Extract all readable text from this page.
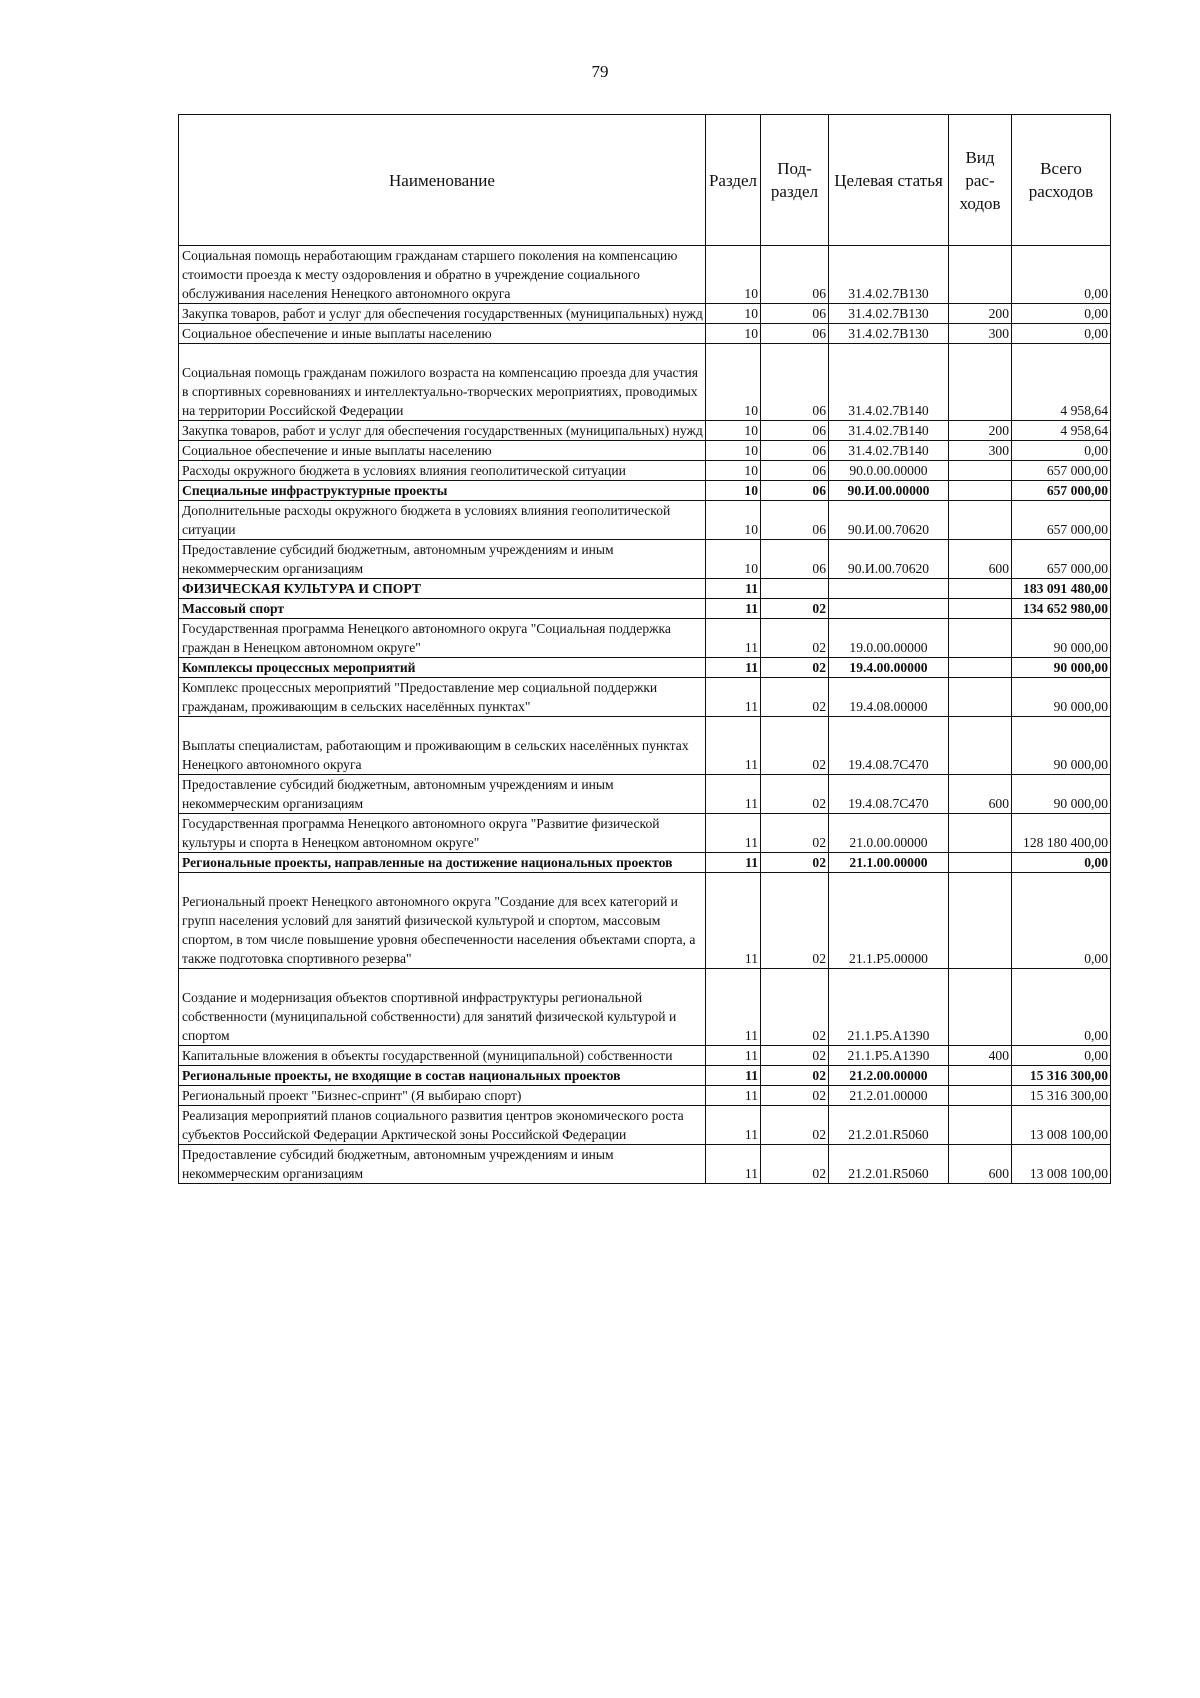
79
Наименование	Раздел	Под-раздел	Целевая статья	Вид рас-ходов	Всего расходов
Социальная помощь неработающим гражданам старшего поколения на компенсацию стоимости проезда к месту оздоровления и обратно в учреждение социального обслуживания населения Ненецкого автономного округа	10	06	31.4.02.7В130		0,00
Закупка товаров, работ и услуг для обеспечения государственных (муниципальных) нужд	10	06	31.4.02.7В130	200	0,00
Социальное обеспечение и иные выплаты населению	10	06	31.4.02.7В130	300	0,00
Социальная помощь гражданам пожилого возраста на компенсацию проезда для участия в спортивных соревнованиях и интеллектуально-творческих мероприятиях, проводимых на территории Российской Федерации	10	06	31.4.02.7В140		4 958,64
Закупка товаров, работ и услуг для обеспечения государственных (муниципальных) нужд	10	06	31.4.02.7В140	200	4 958,64
Социальное обеспечение и иные выплаты населению	10	06	31.4.02.7В140	300	0,00
Расходы окружного бюджета в условиях влияния геополитической ситуации	10	06	90.0.00.00000		657 000,00
Специальные инфраструктурные проекты	10	06	90.И.00.00000		657 000,00
Дополнительные расходы окружного бюджета в условиях влияния геополитической ситуации	10	06	90.И.00.70620		657 000,00
Предоставление субсидий бюджетным, автономным учреждениям и иным некоммерческим организациям	10	06	90.И.00.70620	600	657 000,00
ФИЗИЧЕСКАЯ КУЛЬТУРА И СПОРТ	11				183 091 480,00
Массовый спорт	11	02			134 652 980,00
Государственная программа Ненецкого автономного округа "Социальная поддержка граждан в Ненецком автономном округе"	11	02	19.0.00.00000		90 000,00
Комплексы процессных мероприятий	11	02	19.4.00.00000		90 000,00
Комплекс процессных мероприятий "Предоставление мер социальной поддержки гражданам, проживающим в сельских населённых пунктах"	11	02	19.4.08.00000		90 000,00
Выплаты специалистам, работающим и проживающим в сельских населённых пунктах Ненецкого автономного округа	11	02	19.4.08.7С470		90 000,00
Предоставление субсидий бюджетным, автономным учреждениям и иным некоммерческим организациям	11	02	19.4.08.7С470	600	90 000,00
Государственная программа Ненецкого автономного округа "Развитие физической культуры и спорта в Ненецком автономном округе"	11	02	21.0.00.00000		128 180 400,00
Региональные проекты, направленные на достижение национальных проектов	11	02	21.1.00.00000		0,00
Региональный проект Ненецкого автономного округа "Создание для всех категорий и групп населения условий для занятий физической культурой и спортом, массовым спортом, в том числе повышение уровня обеспеченности населения объектами спорта, а также подготовка спортивного резерва"	11	02	21.1.Р5.00000		0,00
Создание и модернизация объектов спортивной инфраструктуры региональной собственности (муниципальной собственности) для занятий физической культурой и спортом	11	02	21.1.Р5.А1390		0,00
Капитальные вложения в объекты государственной (муниципальной) собственности	11	02	21.1.Р5.А1390	400	0,00
Региональные проекты, не входящие в состав национальных проектов	11	02	21.2.00.00000		15 316 300,00
Региональный проект "Бизнес-спринт" (Я выбираю спорт)	11	02	21.2.01.00000		15 316 300,00
Реализация мероприятий планов социального развития центров экономического роста субъектов Российской Федерации Арктической зоны Российской Федерации	11	02	21.2.01.R5060		13 008 100,00
Предоставление субсидий бюджетным, автономным учреждениям и иным некоммерческим организациям	11	02	21.2.01.R5060	600	13 008 100,00
